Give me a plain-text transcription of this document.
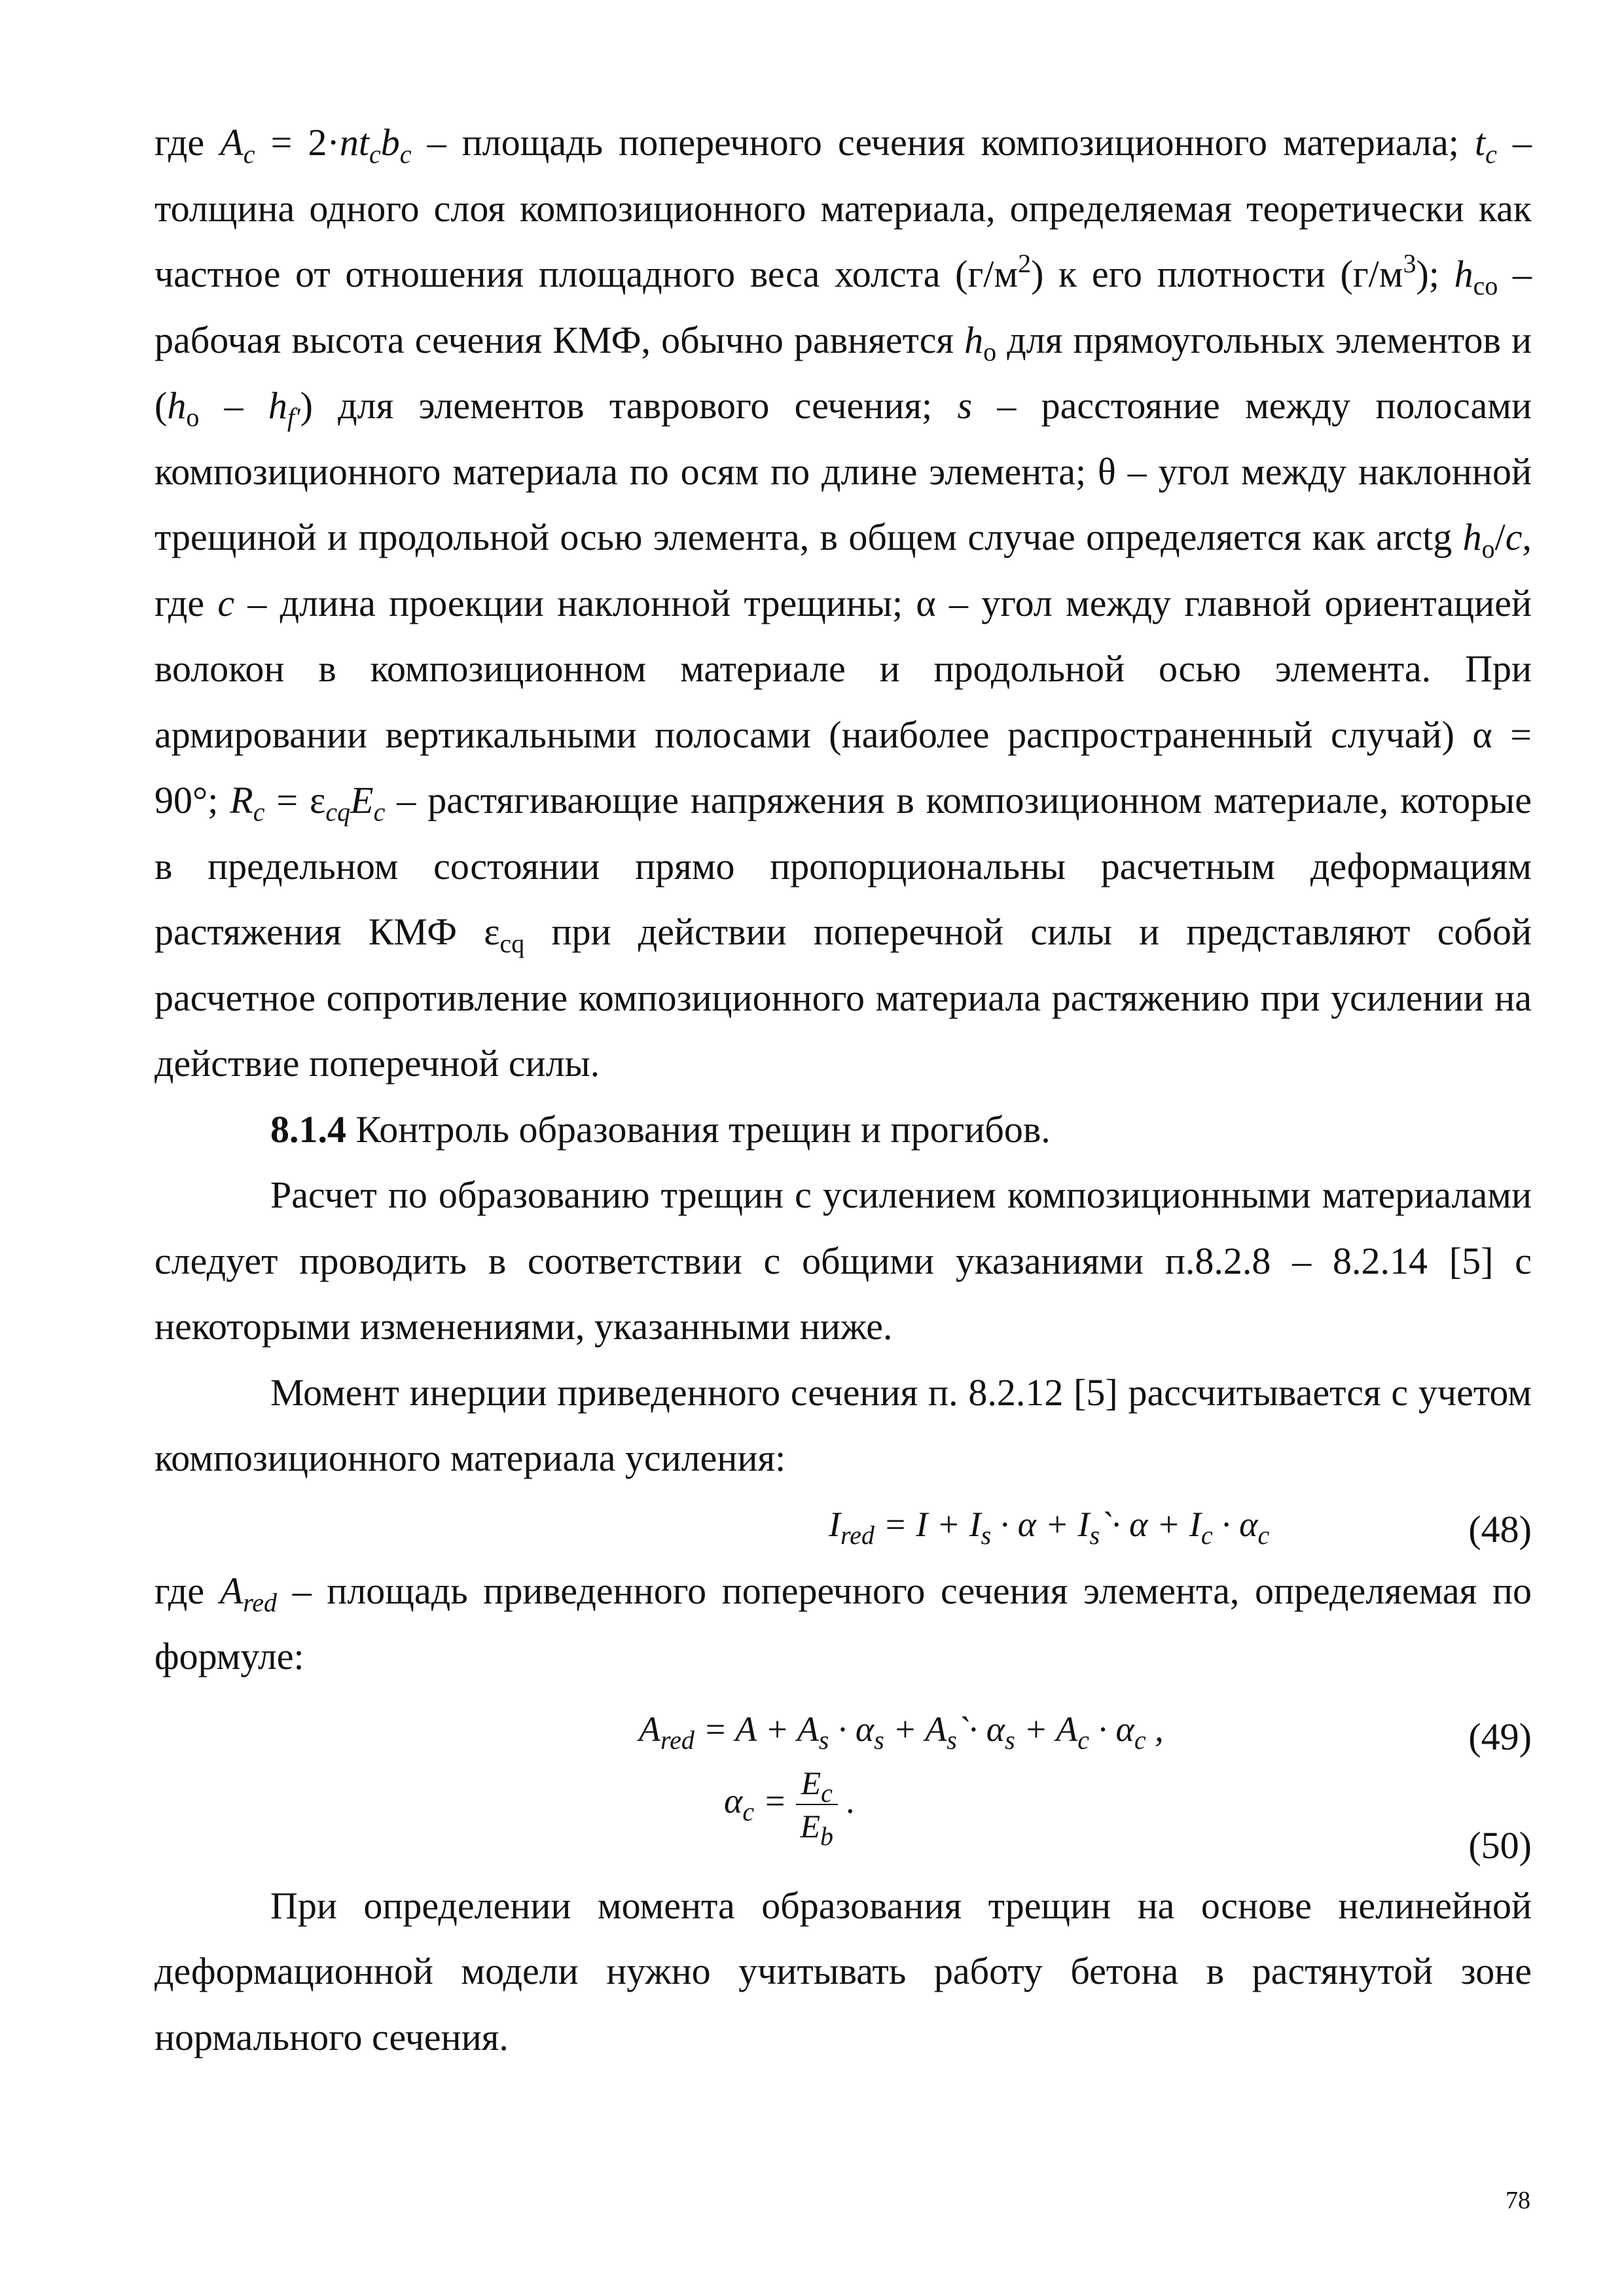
где $A_c = 2\cdot nt_cb_c$ – площадь поперечного сечения композиционного материала; $t_c$ – толщина одного слоя композиционного материала, определяемая теоретически как частное от отношения площадного веса холста $(г/м^2)$ к его плотности $(г/м^3)$; $h_{co}$ – рабочая высота сечения КМФ, обычно равняется $h_o$ для прямоугольных элементов и $(h_o - h_{f'})$ для элементов таврового сечения; s – расстояние между полосами композиционного материала по осям по длине элемента; θ – угол между наклонной трещиной и продольной осью элемента, в общем случае определяется как arctg $h_o/c$, где c – длина проекции наклонной трещины; α – угол между главной ориентацией волокон в композиционном материале и продольной осью элемента. При армировании вертикальными полосами (наиболее распространенный случай) α = 90°; $R_c = \varepsilon_{cq}E_c$ – растягивающие напряжения в композиционном материале, которые в предельном состоянии прямо пропорциональны расчетным деформациям растяжения КМФ $\varepsilon_{cq}$ при действии поперечной силы и представляют собой расчетное сопротивление композиционного материала растяжению при усилении на действие поперечной силы.

8.1.4 Контроль образования трещин и прогибов.

Расчет по образованию трещин с усилением композиционными материалами следует проводить в соответствии с общими указаниями п.8.2.8 – 8.2.14 [5] с некоторыми изменениями, указанными ниже.

Момент инерции приведенного сечения п. 8.2.12 [5] рассчитывается с учетом композиционного материала усиления:

$I_{red} = I + I_s \cdot \alpha$ + $I_s`\cdot \alpha + I_c \cdot \alpha_c$	(48)

где $A_{red}$ – площадь приведенного поперечного сечения элемента, определяемая по формуле:

$A_{red} = A + A_s \cdot \alpha_s$ + $A_s`\cdot \alpha_s + A_c \cdot \alpha_c$ ,	(49)
$\alpha_c = \frac{E_c}{E_b}$ .
(50)

При определении момента образования трещин на основе нелинейной деформационной модели нужно учитывать работу бетона в растянутой зоне нормального сечения.

78
